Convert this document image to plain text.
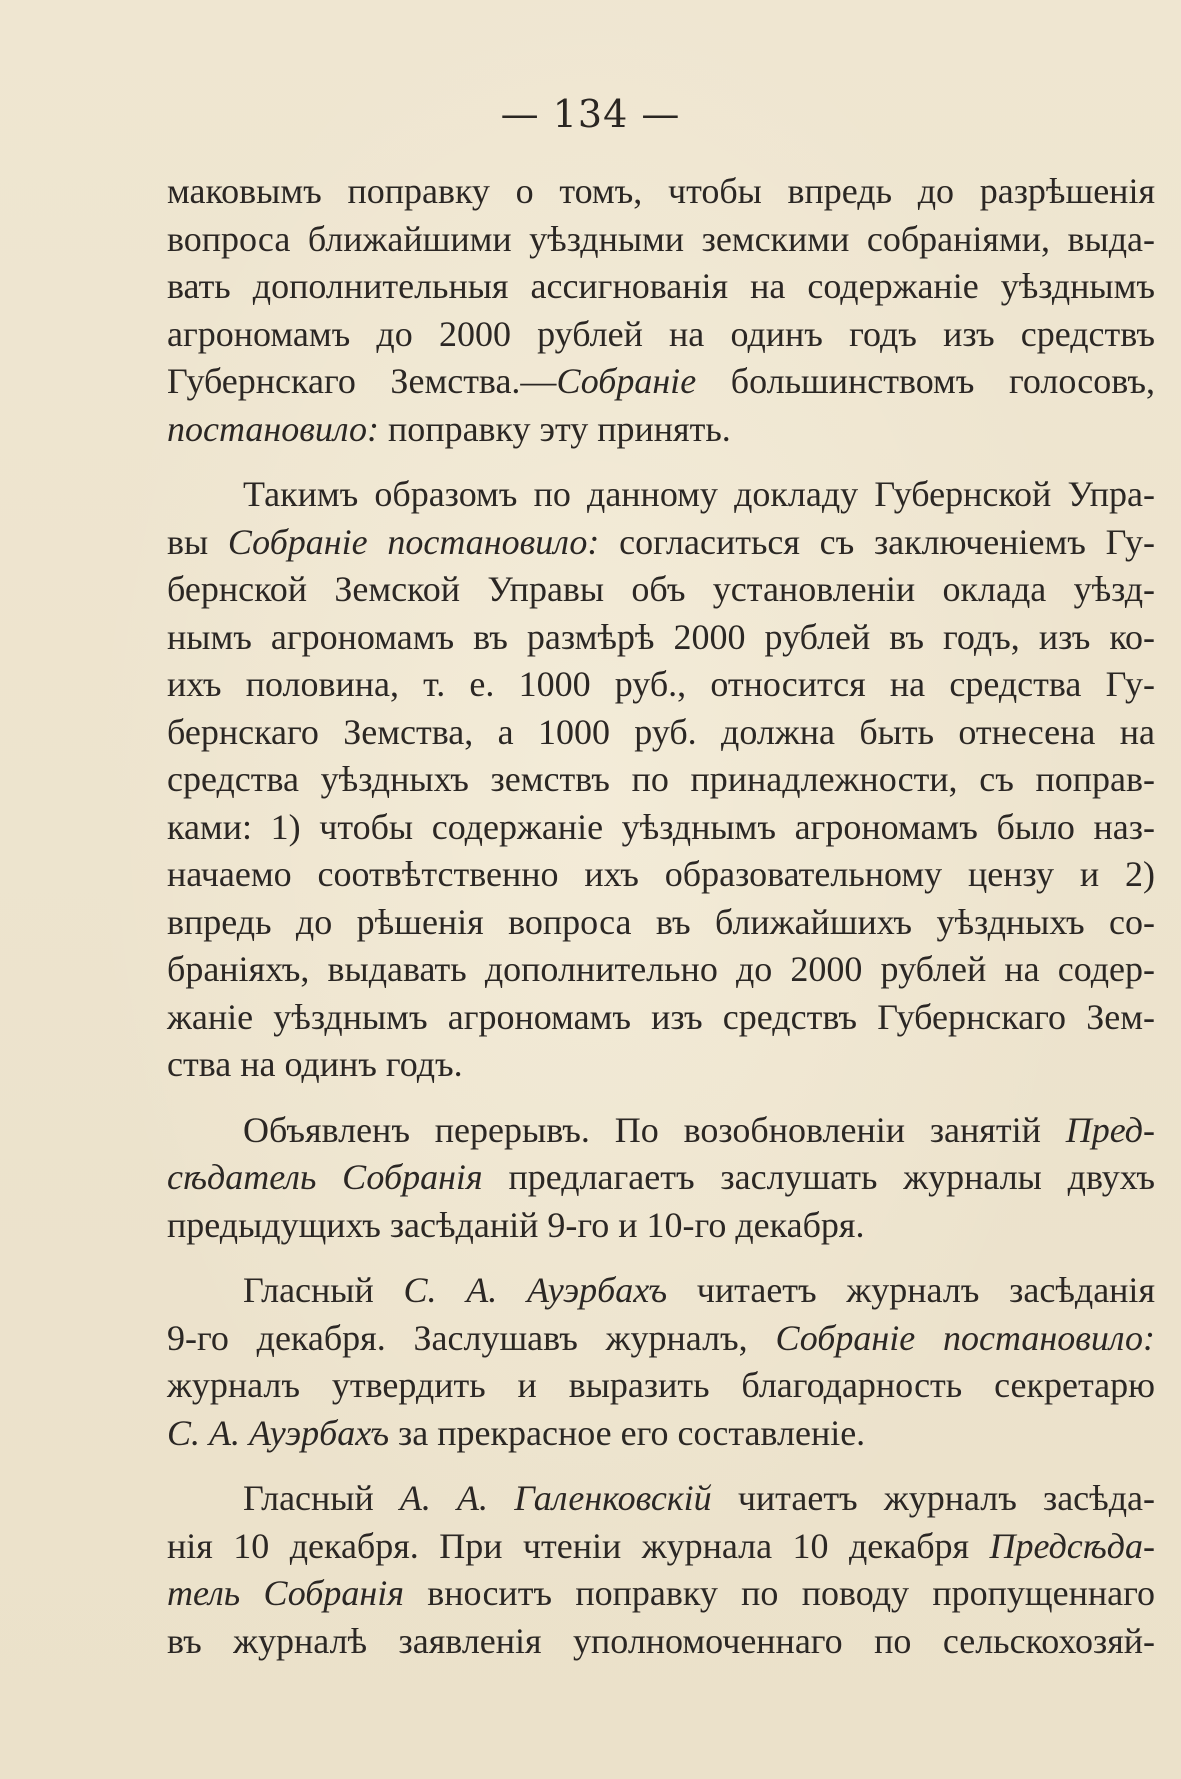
— 134 —

маковымъ поправку о томъ, чтобы впредь до разрѣшенія
вопроса ближайшими уѣздными земскими собраніями, выда-
вать дополнительныя ассигнованія на содержаніе уѣзднымъ
агрономамъ до 2000 рублей на одинъ годъ изъ средствъ
Губернскаго Земства.—Собраніе большинствомъ голосовъ,
постановило: поправку эту принять.

Такимъ образомъ по данному докладу Губернской Упра-
вы Собраніе постановило: согласиться съ заключеніемъ Гу-
бернской Земской Управы объ установленіи оклада уѣзд-
нымъ агрономамъ въ размѣрѣ 2000 рублей въ годъ, изъ ко-
ихъ половина, т. е. 1000 руб., относится на средства Гу-
бернскаго Земства, а 1000 руб. должна быть отнесена на
средства уѣздныхъ земствъ по принадлежности, съ поправ-
ками: 1) чтобы содержаніе уѣзднымъ агрономамъ было наз-
начаемо соотвѣтственно ихъ образовательному цензу и 2)
впредь до рѣшенія вопроса въ ближайшихъ уѣздныхъ со-
браніяхъ, выдавать дополнительно до 2000 рублей на содер-
жаніе уѣзднымъ агрономамъ изъ средствъ Губернскаго Зем-
ства на одинъ годъ.

Объявленъ перерывъ. По возобновленіи занятій Пред-
сѣдатель Собранія предлагаетъ заслушать журналы двухъ
предыдущихъ засѣданій 9-го и 10-го декабря.

Гласный С. А. Ауэрбахъ читаетъ журналъ засѣданія
9-го декабря. Заслушавъ журналъ, Собраніе постановило:
журналъ утвердить и выразить благодарность секретарю
С. А. Ауэрбахъ за прекрасное его составленіе.

Гласный А. А. Галенковскій читаетъ журналъ засѣда-
нія 10 декабря. При чтеніи журнала 10 декабря Предсѣда-
тель Собранія вноситъ поправку по поводу пропущеннаго
въ журналѣ заявленія уполномоченнаго по сельскохозяй-
